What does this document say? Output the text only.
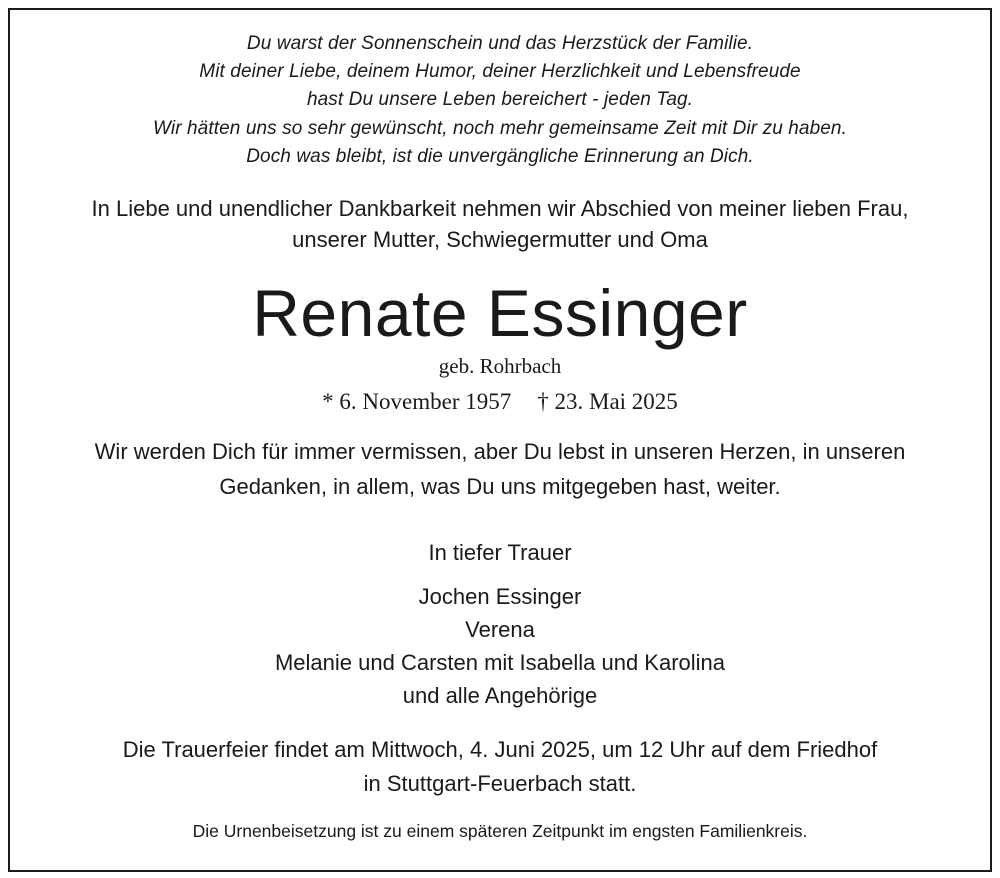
Du warst der Sonnenschein und das Herzstück der Familie.
Mit deiner Liebe, deinem Humor, deiner Herzlichkeit und Lebensfreude
hast Du unsere Leben bereichert - jeden Tag.
Wir hätten uns so sehr gewünscht, noch mehr gemeinsame Zeit mit Dir zu haben.
Doch was bleibt, ist die unvergängliche Erinnerung an Dich.
In Liebe und unendlicher Dankbarkeit nehmen wir Abschied von meiner lieben Frau,
unserer Mutter, Schwiegermutter und Oma
Renate Essinger
geb. Rohrbach
* 6. November 1957 † 23. Mai 2025
Wir werden Dich für immer vermissen, aber Du lebst in unseren Herzen, in unseren
Gedanken, in allem, was Du uns mitgegeben hast, weiter.
In tiefer Trauer
Jochen Essinger
Verena
Melanie und Carsten mit Isabella und Karolina
und alle Angehörige
Die Trauerfeier findet am Mittwoch, 4. Juni 2025, um 12 Uhr auf dem Friedhof
in Stuttgart-Feuerbach statt.
Die Urnenbeisetzung ist zu einem späteren Zeitpunkt im engsten Familienkreis.
